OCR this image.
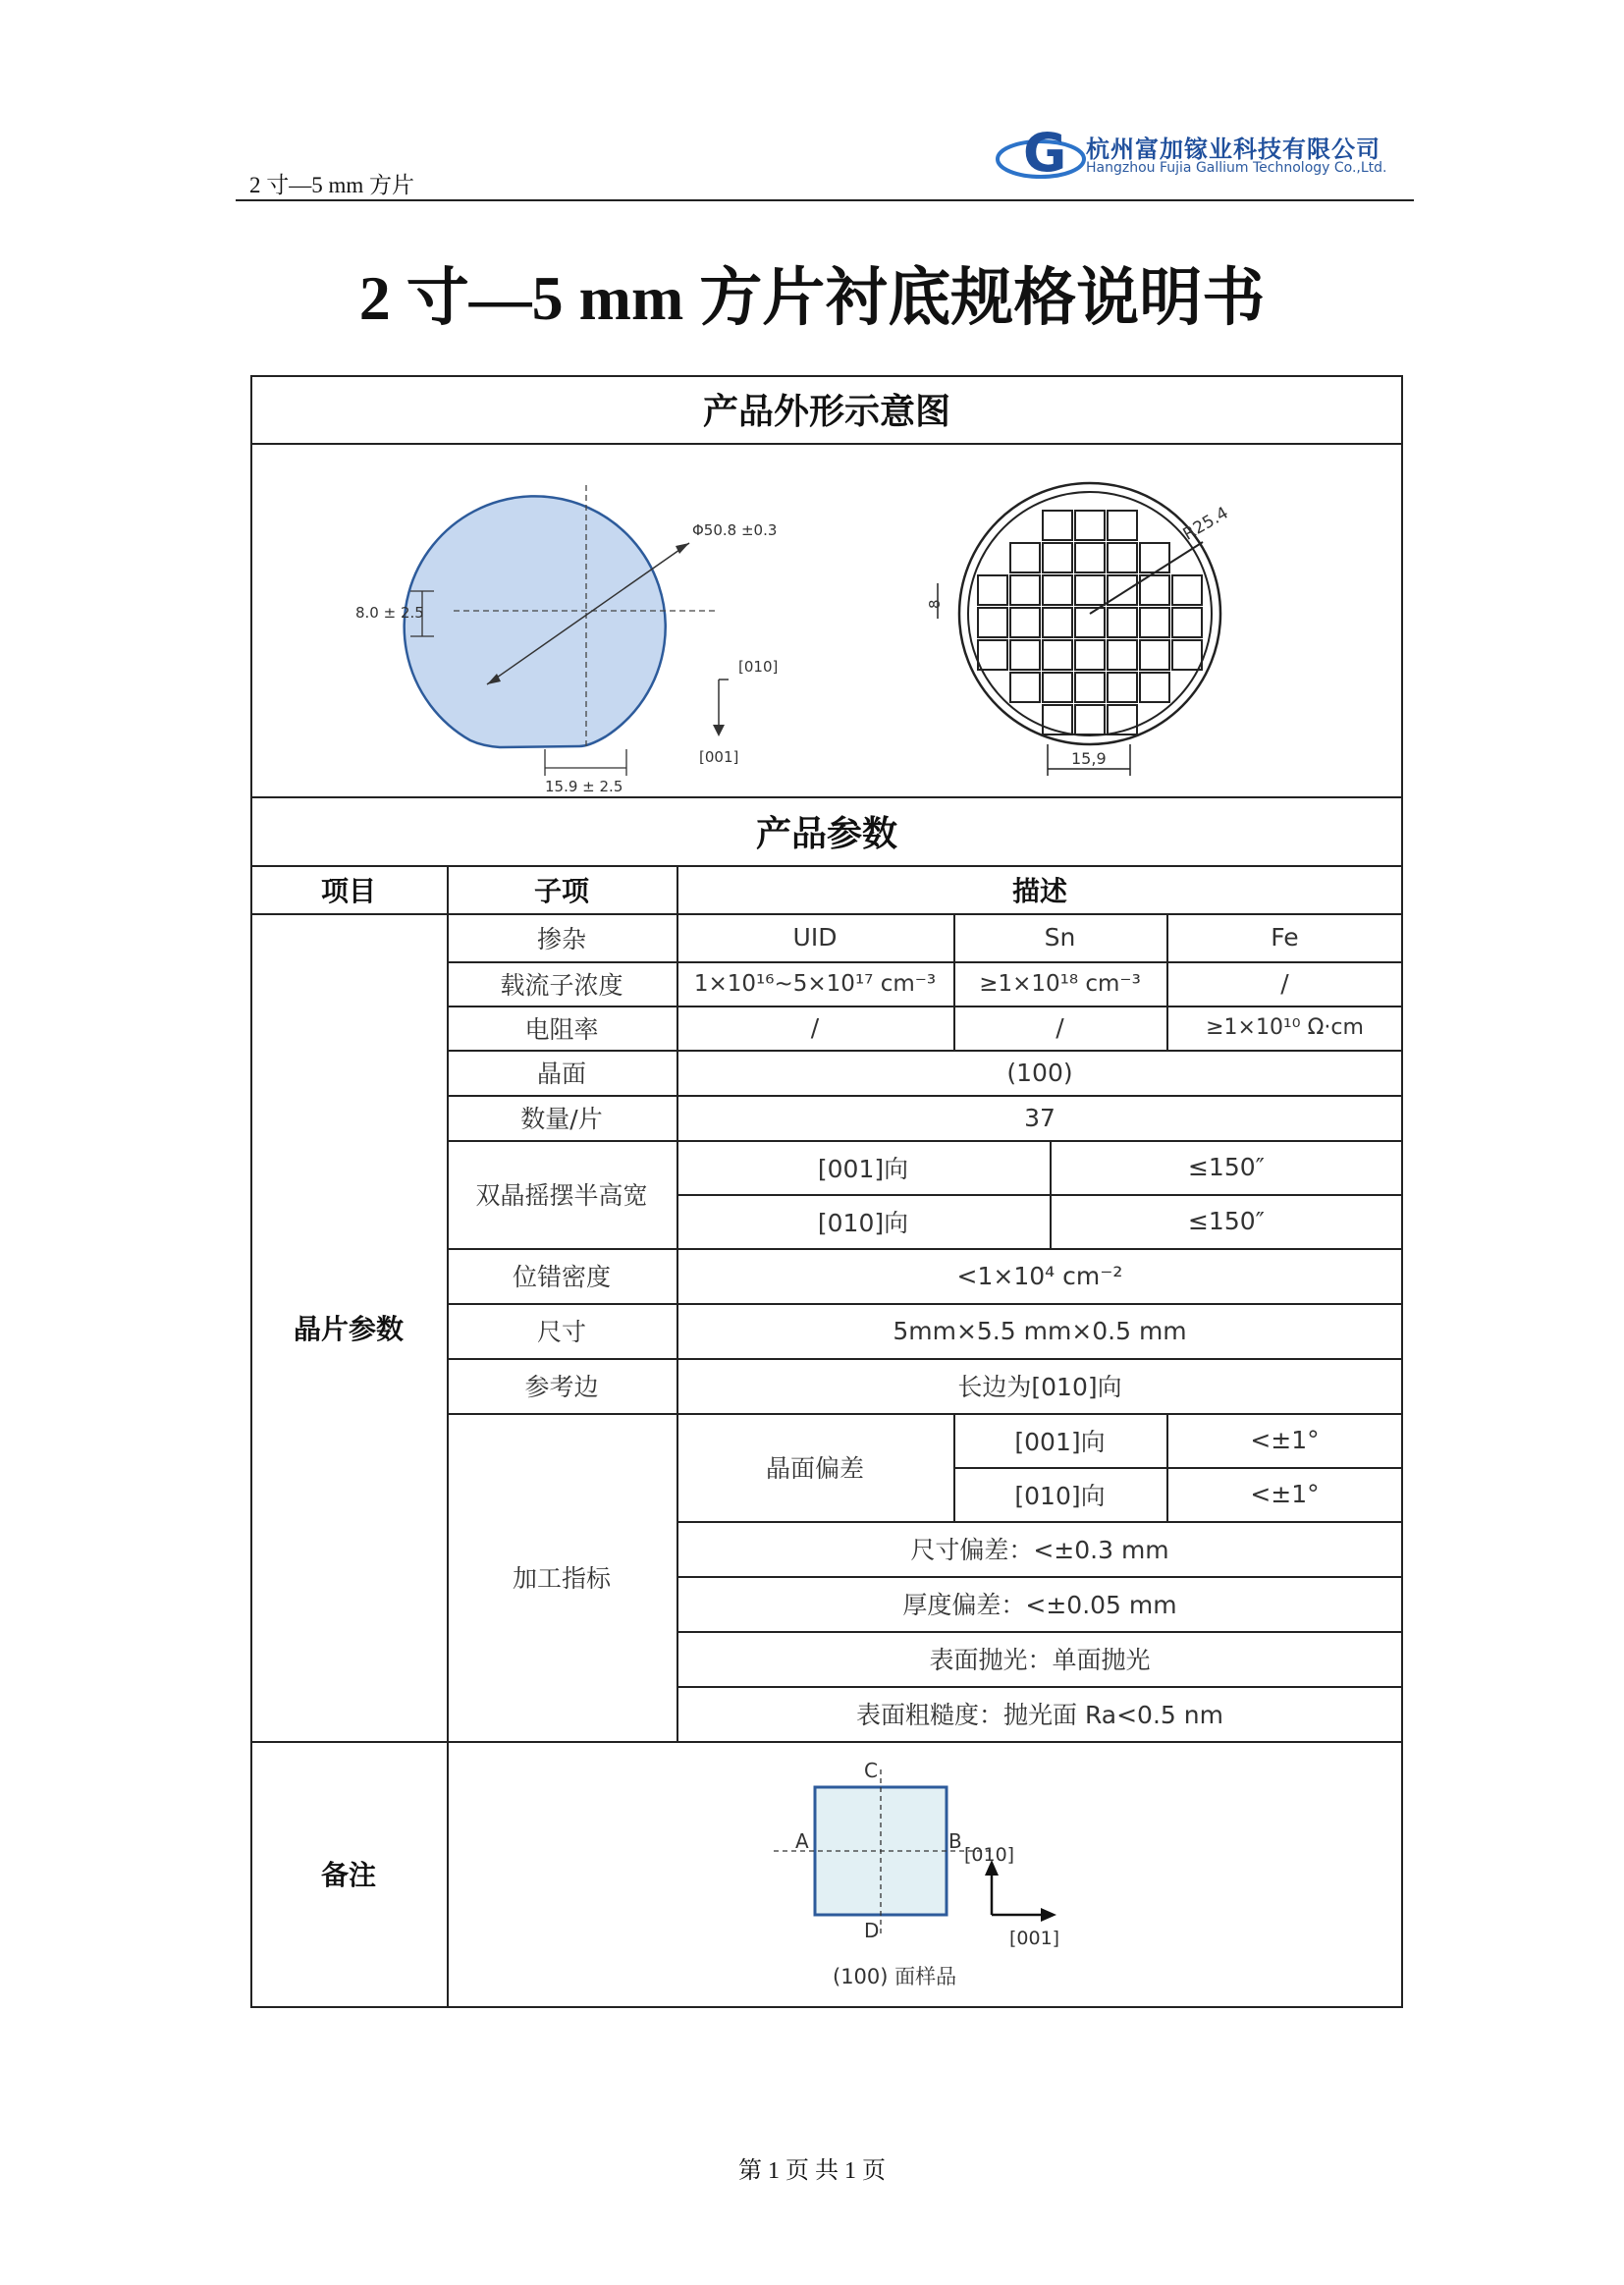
2 寸—5 mm 方片
G 杭州富加镓业科技有限公司
Hangzhou Fujia Gallium Technology Co.,Ltd.
2 寸—5 mm 方片衬底规格说明书
产品外形示意图
产品参数
Φ50.8 ±0.3
8.0 ± 2.5
15.9 ± 2.5
[010]
[001]
R25.4
8
15,9
项目	子项	描述
晶片参数
掺杂	UID	Sn	Fe
载流子浓度	1×10¹⁶~5×10¹⁷ cm⁻³	≥1×10¹⁸ cm⁻³	/
电阻率	/	/	≥1×10¹⁰ Ω·cm
晶面	(100)
数量/片	37
双晶摇摆半高宽
[001]向	≤150″
[010]向	≤150″
位错密度	<1×10⁴ cm⁻²
尺寸	5mm×5.5 mm×0.5 mm
参考边	长边为[010]向
加工指标
晶面偏差
[001]向	<±1°
[010]向	<±1°
尺寸偏差：<±0.3 mm
厚度偏差：<±0.05 mm
表面抛光：单面抛光
表面粗糙度：抛光面 Ra<0.5 nm
备注
C
A	B
D
[010]
[001]
(100) 面样品
第 1 页 共 1 页
